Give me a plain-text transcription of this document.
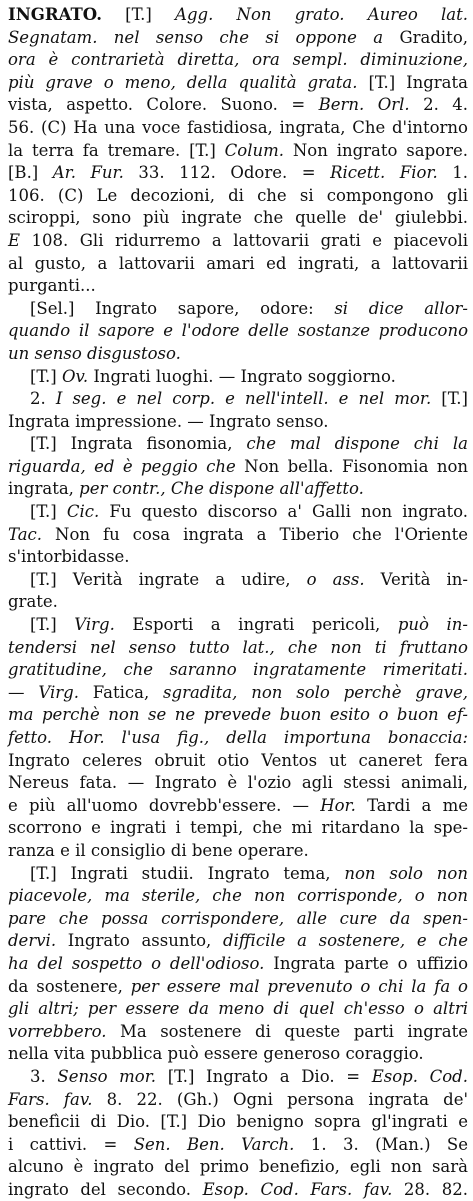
INGRATO. [T.] Agg. Non grato. Aureo lat.
Segnatam. nel senso che si oppone a Gradito,
ora è contrarietà diretta, ora sempl. diminuzione,
più grave o meno, della qualità grata. [T.] Ingrata
vista, aspetto. Colore. Suono. = Bern. Orl. 2. 4.
56. (C) Ha una voce fastidiosa, ingrata, Che d'intorno
la terra fa tremare. [T.] Colum. Non ingrato sapore.
[B.] Ar. Fur. 33. 112. Odore. = Ricett. Fior. 1.
106. (C) Le decozioni, di che si compongono gli
sciroppi, sono più ingrate che quelle de' giulebbi.
E 108. Gli ridurremo a lattovarii grati e piacevoli
al gusto, a lattovarii amari ed ingrati, a lattovarii
purganti...
[Sel.] Ingrato sapore, odore: si dice allor-
quando il sapore e l'odore delle sostanze producono
un senso disgustoso.
[T.] Ov. Ingrati luoghi. — Ingrato soggiorno.
2. I seg. e nel corp. e nell'intell. e nel mor. [T.]
Ingrata impressione. — Ingrato senso.
[T.] Ingrata fisonomia, che mal dispone chi la
riguarda, ed è peggio che Non bella. Fisonomia non
ingrata, per contr., Che dispone all'affetto.
[T.] Cic. Fu questo discorso a' Galli non ingrato.
Tac. Non fu cosa ingrata a Tiberio che l'Oriente
s'intorbidasse.
[T.] Verità ingrate a udire, o ass. Verità in-
grate.
[T.] Virg. Esporti a ingrati pericoli, può in-
tendersi nel senso tutto lat., che non ti fruttano
gratitudine, che saranno ingratamente rimeritati.
— Virg. Fatica, sgradita, non solo perchè grave,
ma perchè non se ne prevede buon esito o buon ef-
fetto. Hor. l'usa fig., della importuna bonaccia:
Ingrato celeres obruit otio Ventos ut caneret fera
Nereus fata. — Ingrato è l'ozio agli stessi animali,
e più all'uomo dovrebb'essere. — Hor. Tardi a me
scorrono e ingrati i tempi, che mi ritardano la spe-
ranza e il consiglio di bene operare.
[T.] Ingrati studii. Ingrato tema, non solo non
piacevole, ma sterile, che non corrisponde, o non
pare che possa corrispondere, alle cure da spen-
dervi. Ingrato assunto, difficile a sostenere, e che
ha del sospetto o dell'odioso. Ingrata parte o uffizio
da sostenere, per essere mal prevenuto o chi la fa o
gli altri; per essere da meno di quel ch'esso o altri
vorrebbero. Ma sostenere di queste parti ingrate
nella vita pubblica può essere generoso coraggio.
3. Senso mor. [T.] Ingrato a Dio. = Esop. Cod.
Fars. fav. 8. 22. (Gh.) Ogni persona ingrata de'
benefìcii di Dio. [T.] Dio benigno sopra gl'ingrati e
i cattivi. = Sen. Ben. Varch. 1. 3. (Man.) Se
alcuno è ingrato del primo benefizio, egli non sarà
ingrato del secondo. Esop. Cod. Fars. fav. 28. 82.
